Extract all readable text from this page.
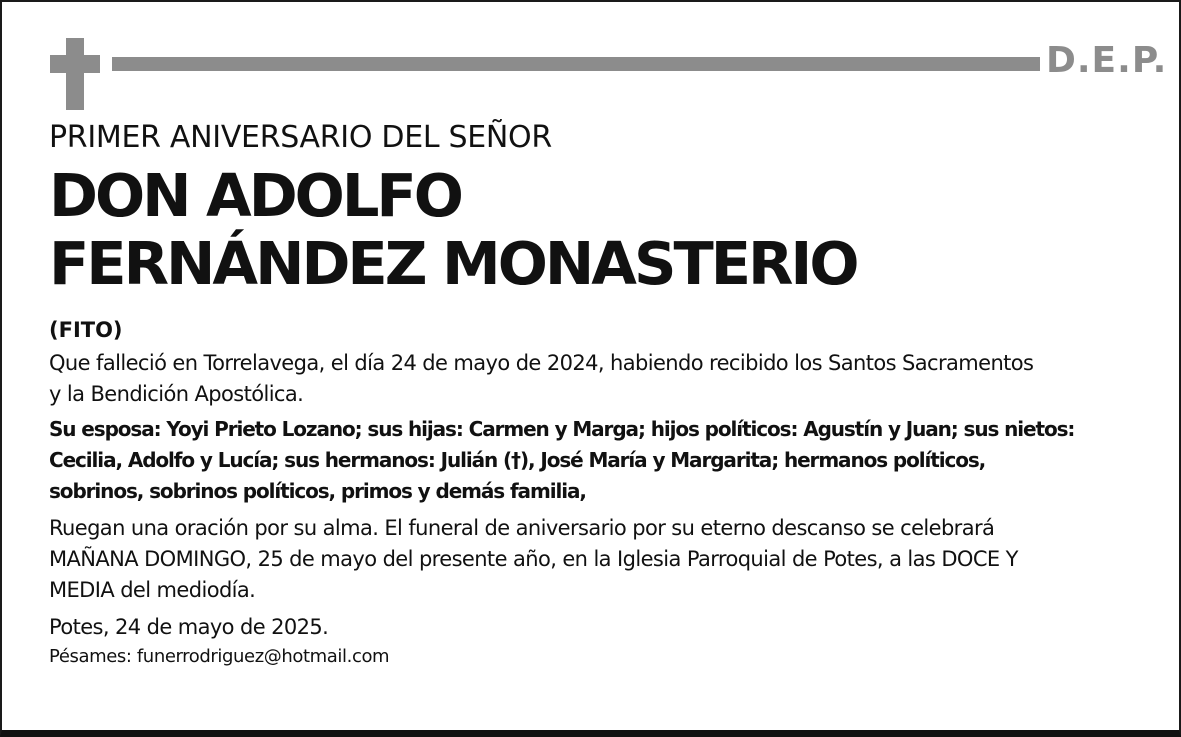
D.E.P.

PRIMER ANIVERSARIO DEL SEÑOR

DON ADOLFO
FERNÁNDEZ MONASTERIO
(FITO)
Que falleció en Torrelavega, el día 24 de mayo de 2024, habiendo recibido los Santos Sacramentos
y la Bendición Apostólica.
Su esposa: Yoyi Prieto Lozano; sus hijas: Carmen y Marga; hijos políticos: Agustín y Juan; sus nietos:
Cecilia, Adolfo y Lucía; sus hermanos: Julián (†), José María y Margarita; hermanos políticos,
sobrinos, sobrinos políticos, primos y demás familia,
Ruegan una oración por su alma. El funeral de aniversario por su eterno descanso se celebrará
MAÑANA DOMINGO, 25 de mayo del presente año, en la Iglesia Parroquial de Potes, a las DOCE Y
MEDIA del mediodía.
Potes, 24 de mayo de 2025.
Pésames: funerrodriguez@hotmail.com
